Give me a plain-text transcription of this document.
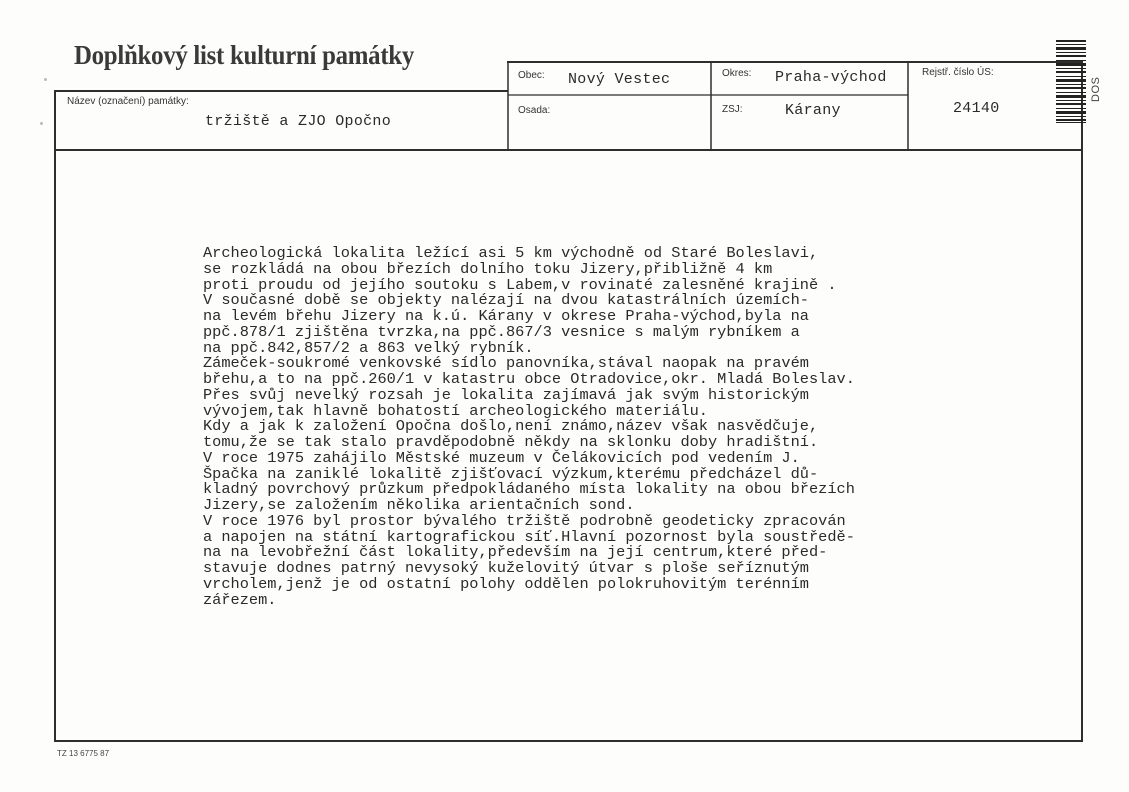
Doplňkový list kulturní památky
Obec: Nový Vestec	Okres: Praha-východ	Rejstř. číslo ÚS:
24140
Osada:	ZSJ:	Kárany
Název (označení) památky:
tržiště a ZJO Opočno
DOS
Archeologická lokalita ležící asi 5 km východně od Staré Boleslavi,
se rozkládá na obou březích dolního toku Jizery,přibližně 4 km
proti proudu od jejího soutoku s Labem,v rovinaté zalesněné krajině .
V současné době se objekty nalézají na dvou katastrálních územích-
na levém břehu Jizery na k.ú. Kárany v okrese Praha-východ,byla na
ppč.878/1 zjištěna tvrzka,na ppč.867/3 vesnice s malým rybníkem a
na ppč.842,857/2 a 863 velký rybník.
Zámeček-soukromé venkovské sídlo panovníka,stával naopak na pravém
břehu,a to na ppč.260/1 v katastru obce Otradovice,okr. Mladá Boleslav.
Přes svůj nevelký rozsah je lokalita zajímavá jak svým historickým
vývojem,tak hlavně bohatostí archeologického materiálu.
Kdy a jak k založení Opočna došlo,není známo,název však nasvědčuje,
tomu,že se tak stalo pravděpodobně někdy na sklonku doby hradištní.
V roce 1975 zahájilo Městské muzeum v Čelákovicích pod vedením J.
Špačka na zaniklé lokalitě zjišťovací výzkum,kterému předcházel dů-
kladný povrchový průzkum předpokládaného místa lokality na obou březích
Jizery,se založením několika arientačních sond.
V roce 1976 byl prostor bývalého tržiště podrobně geodeticky zpracován
a napojen na státní kartografickou síť.Hlavní pozornost byla soustředě-
na na levobřežní část lokality,především na její centrum,které před-
stavuje dodnes patrný nevysoký kuželovitý útvar s ploše seříznutým
vrcholem,jenž je od ostatní polohy oddělen polokruhovitým terénním
zářezem.
TZ 13 6775 87
